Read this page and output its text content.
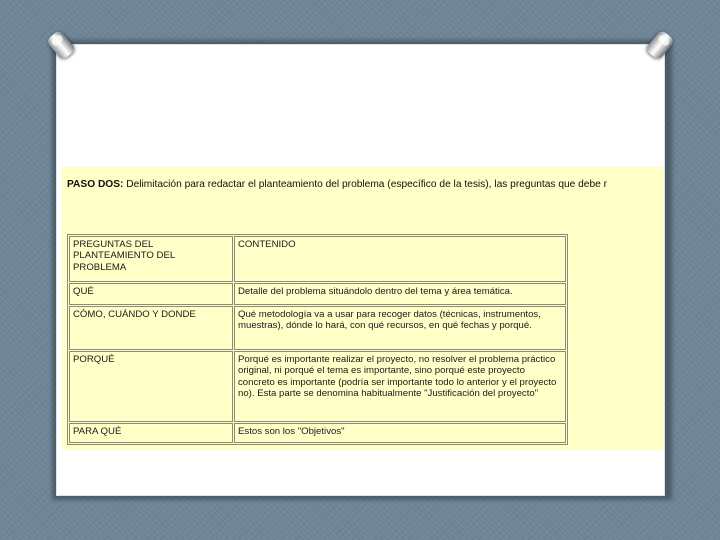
PASO DOS: Delimitación para redactar el planteamiento del problema (específico de la tesis), las preguntas que debe r
PREGUNTAS DEL PLANTEAMIENTO DEL PROBLEMA	CONTENIDO
QUÉ	Detalle del problema situándolo dentro del tema y área temática.
CÓMO, CUÁNDO Y DONDE	Qué metodología va a usar para recoger datos (técnicas, instrumentos, muestras), dónde lo hará, con qué recursos, en qué fechas y porqué.
PORQUÉ	Porqué es importante realizar el proyecto, no resolver el problema práctico original, ni porqué el tema es importante, sino porqué este proyecto concreto es importante (podría ser importante todo lo anterior y el proyecto no). Esta parte se denomina habitualmente "Justificación del proyecto"
PARA QUÉ	Estos son los "Objetivos"
